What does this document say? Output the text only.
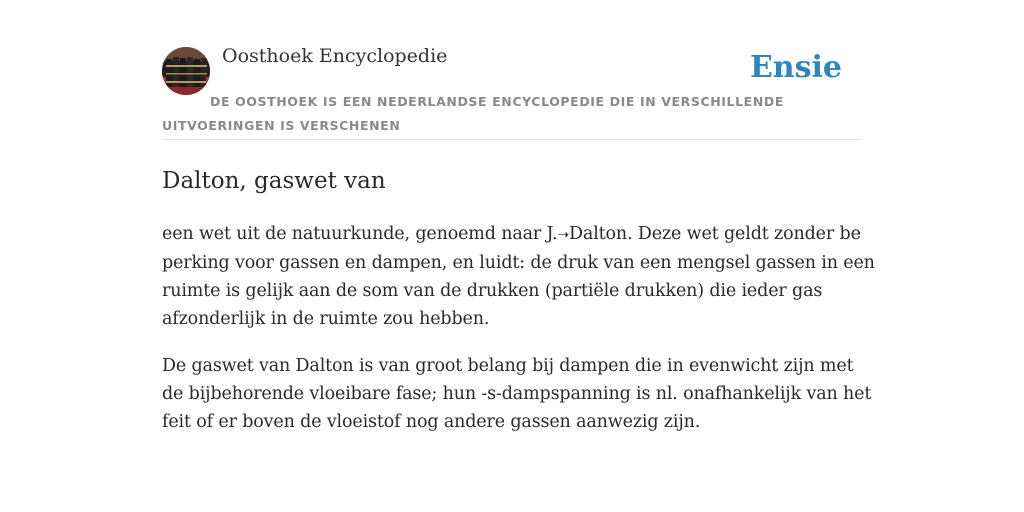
Oosthoek Encyclopedie	Ensie
DE OOSTHOEK IS EEN NEDERLANDSE ENCYCLOPEDIE DIE IN VERSCHILLENDE UITVOERINGEN IS VERSCHENEN
Dalton, gaswet van

een wet uit de natuurkunde, genoemd naar J.➝Dalton. Deze wet geldt zonder be
perking voor gassen en dampen, en luidt: de druk van een mengsel gassen in een
ruimte is gelijk aan de som van de drukken (partiële drukken) die ieder gas
afzonderlijk in de ruimte zou hebben.

De gaswet van Dalton is van groot belang bij dampen die in evenwicht zijn met
de bijbehorende vloeibare fase; hun -s-dampspanning is nl. onafhankelijk van het
feit of er boven de vloeistof nog andere gassen aanwezig zijn.
